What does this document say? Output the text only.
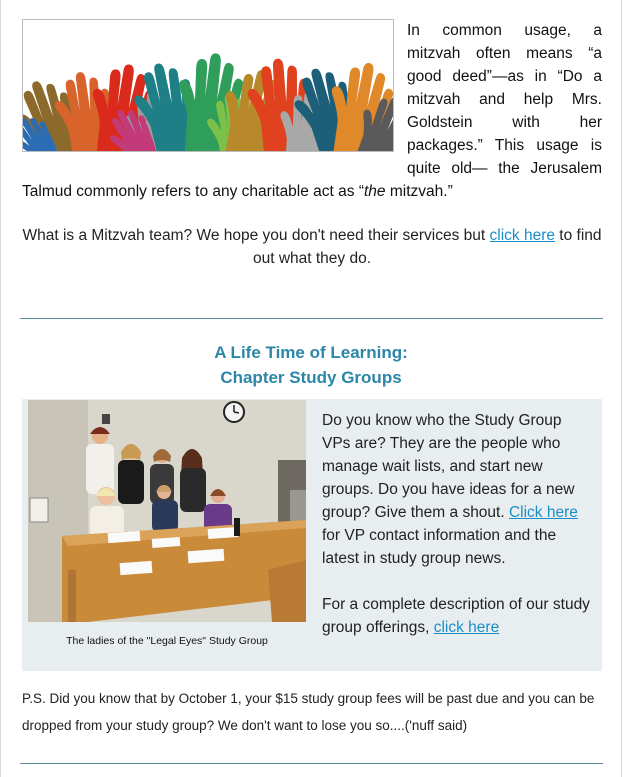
In common usage, a mitzvah often means “a good deed”—as in “Do a mitzvah and help Mrs. Goldstein with her packages.” This usage is quite old— the Jerusalem Talmud commonly refers to any charitable act as “the mitzvah.”
What is a Mitzvah team? We hope you don't need their services but click here to find out what they do.
A Life Time of Learning:
Chapter Study Groups
The ladies of the "Legal Eyes" Study Group

Do you know who the Study Group VPs are? They are the people who manage wait lists, and start new groups. Do you have ideas for a new group? Give them a shout. Click here for VP contact information and the latest in study group news.

For a complete description of our study group offerings, click here

P.S. Did you know that by October 1, your $15 study group fees will be past due and you can be dropped from your study group? We don't want to lose you so....('nuff said)
